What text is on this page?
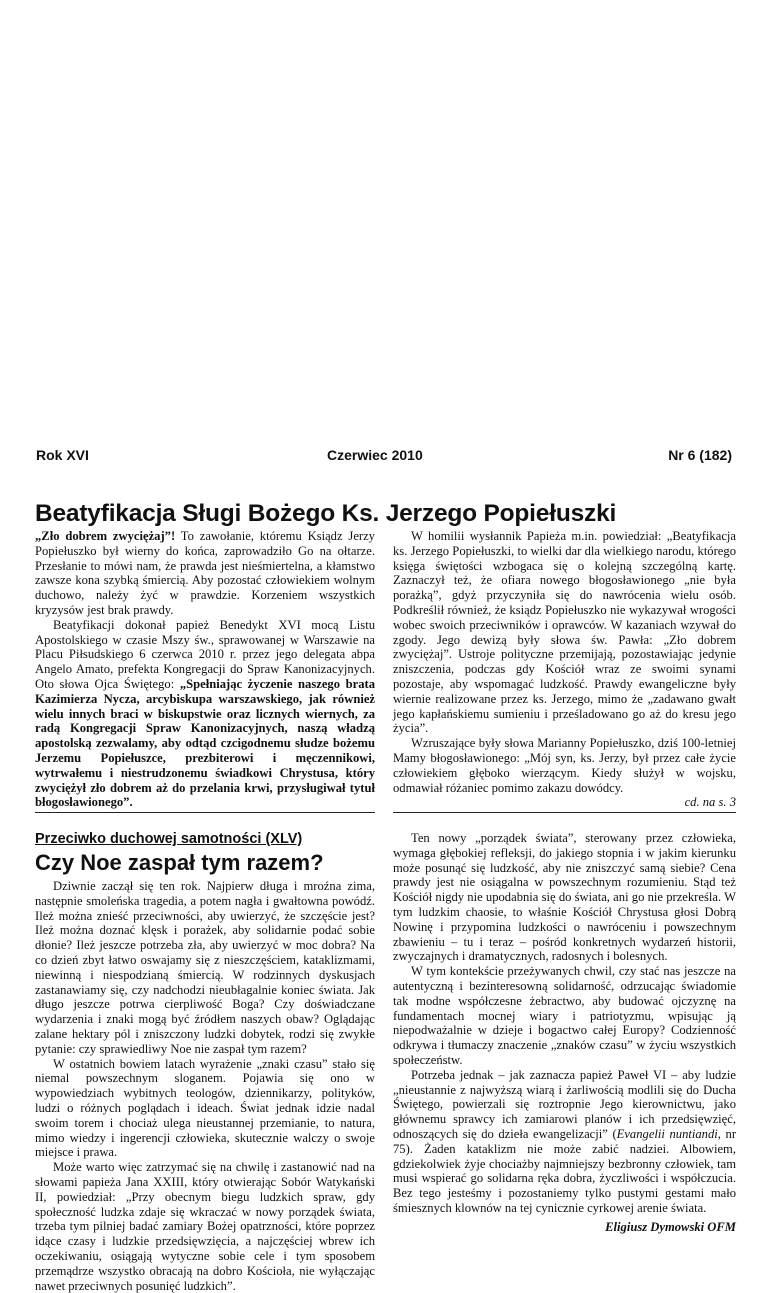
Rok XVI	Czerwiec 2010	Nr 6 (182)
Beatyfikacja Sługi Bożego Ks. Jerzego Popiełuszki

„Zło dobrem zwyciężaj”! To zawołanie, któremu Ksiądz Jerzy Popiełuszko był wierny do końca, zaprowadziło Go na ołtarze. Przesłanie to mówi nam, że prawda jest nieśmiertelna, a kłamstwo zawsze kona szybką śmiercią. Aby pozostać człowiekiem wolnym duchowo, należy żyć w prawdzie. Korzeniem wszystkich kryzysów jest brak prawdy.

Beatyfikacji dokonał papież Benedykt XVI mocą Listu Apostolskiego w czasie Mszy św., sprawowanej w Warszawie na Placu Piłsudskiego 6 czerwca 2010 r. przez jego delegata abpa Angelo Amato, prefekta Kongregacji do Spraw Kanonizacyjnych. Oto słowa Ojca Świętego: „Spełniając życzenie naszego brata Kazimierza Nycza, arcybiskupa warszawskiego, jak również wielu innych braci w biskupstwie oraz licznych wiernych, za radą Kongregacji Spraw Kanonizacyjnych, naszą władzą apostolską zezwalamy, aby odtąd czcigodnemu słudze bożemu Jerzemu Popiełuszce, prezbiterowi i męczennikowi, wytrwałemu i niestrudzonemu świadkowi Chrystusa, który zwyciężył zło dobrem aż do przelania krwi, przysługiwał tytuł błogosławionego”.

W homilii wysłannik Papieża m.in. powiedział: „Beatyfikacja ks. Jerzego Popiełuszki, to wielki dar dla wielkiego narodu, którego księga świętości wzbogaca się o kolejną szczególną kartę. Zaznaczył też, że ofiara nowego błogosławionego „nie była porażką”, gdyż przyczyniła się do nawrócenia wielu osób. Podkreślił również, że ksiądz Popiełuszko nie wykazywał wrogości wobec swoich przeciwników i oprawców. W kazaniach wzywał do zgody. Jego dewizą były słowa św. Pawła: „Zło dobrem zwyciężaj”. Ustroje polityczne przemijają, pozostawiając jedynie zniszczenia, podczas gdy Kościół wraz ze swoimi synami pozostaje, aby wspomagać ludzkość. Prawdy ewangeliczne były wiernie realizowane przez ks. Jerzego, mimo że „zadawano gwałt jego kapłańskiemu sumieniu i prześladowano go aż do kresu jego życia”.

Wzruszające były słowa Marianny Popiełuszko, dziś 100-letniej Mamy błogosławionego: „Mój syn, ks. Jerzy, był przez całe życie człowiekiem głęboko wierzącym. Kiedy służył w wojsku, odmawiał różaniec pomimo zakazu dowódcy.

cd. na s. 3
Przeciwko duchowej samotności (XLV)
Czy Noe zaspał tym razem?

Dziwnie zaczął się ten rok. Najpierw długa i mroźna zima, następnie smoleńska tragedia, a potem nagła i gwałtowna powódź. Ileż można znieść przeciwności, aby uwierzyć, że szczęście jest? Ileż można doznać klęsk i porażek, aby solidarnie podać sobie dłonie? Ileż jeszcze potrzeba zła, aby uwierzyć w moc dobra? Na co dzień zbyt łatwo oswajamy się z nieszczęściem, kataklizmami, niewinną i niespodzianą śmiercią. W rodzinnych dyskusjach zastanawiamy się, czy nadchodzi nieubłagalnie koniec świata. Jak długo jeszcze potrwa cierpliwość Boga? Czy doświadczane wydarzenia i znaki mogą być źródłem naszych obaw? Oglądając zalane hektary pól i zniszczony ludzki dobytek, rodzi się zwykłe pytanie: czy sprawiedliwy Noe nie zaspał tym razem?

W ostatnich bowiem latach wyrażenie „znaki czasu” stało się niemal powszechnym sloganem. Pojawia się ono w wypowiedziach wybitnych teologów, dziennikarzy, polityków, ludzi o różnych poglądach i ideach. Świat jednak idzie nadal swoim torem i chociaż ulega nieustannej przemianie, to natura, mimo wiedzy i ingerencji człowieka, skutecznie walczy o swoje miejsce i prawa.

Może warto więc zatrzymać się na chwilę i zastanowić nad na słowami papieża Jana XXIII, który otwierając Sobór Watykański II, powiedział: „Przy obecnym biegu ludzkich spraw, gdy społeczność ludzka zdaje się wkraczać w nowy porządek świata, trzeba tym pilniej badać zamiary Bożej opatrzności, które poprzez idące czasy i ludzkie przedsięwzięcia, a najczęściej wbrew ich oczekiwaniu, osiągają wytyczne sobie cele i tym sposobem przemądrze wszystko obracają na dobro Kościoła, nie wyłączając nawet przeciwnych posunięć ludzkich”.

Ten nowy „porządek świata”, sterowany przez człowieka, wymaga głębokiej refleksji, do jakiego stopnia i w jakim kierunku może posunąć się ludzkość, aby nie zniszczyć samą siebie? Cena prawdy jest nie osiągalna w powszechnym rozumieniu. Stąd też Kościół nigdy nie upodabnia się do świata, ani go nie przekreśla. W tym ludzkim chaosie, to właśnie Kościół Chrystusa głosi Dobrą Nowinę i przypomina ludzkości o nawróceniu i powszechnym zbawieniu – tu i teraz – pośród konkretnych wydarzeń historii, zwyczajnych i dramatycznych, radosnych i bolesnych.

W tym kontekście przeżywanych chwil, czy stać nas jeszcze na autentyczną i bezinteresowną solidarność, odrzucając świadomie tak modne współczesne żebractwo, aby budować ojczyznę na fundamentach mocnej wiary i patriotyzmu, wpisując ją niepodważalnie w dzieje i bogactwo całej Europy? Codzienność odkrywa i tłumaczy znaczenie „znaków czasu” w życiu wszystkich społeczeństw.

Potrzeba jednak – jak zaznacza papież Paweł VI – aby ludzie „nieustannie z najwyższą wiarą i żarliwością modlili się do Ducha Świętego, powierzali się roztropnie Jego kierownictwu, jako głównemu sprawcy ich zamiarowi planów i ich przedsięwzięć, odnoszących się do dzieła ewangelizacji” (Evangelii nuntiandi, nr 75). Żaden kataklizm nie może zabić nadziei. Albowiem, gdziekolwiek żyje chociażby najmniejszy bezbronny człowiek, tam musi wspierać go solidarna ręka dobra, życzliwości i współczucia. Bez tego jesteśmy i pozostaniemy tylko pustymi gestami mało śmiesznych klownów na tej cynicznie cyrkowej arenie świata.

Eligiusz Dymowski OFM
